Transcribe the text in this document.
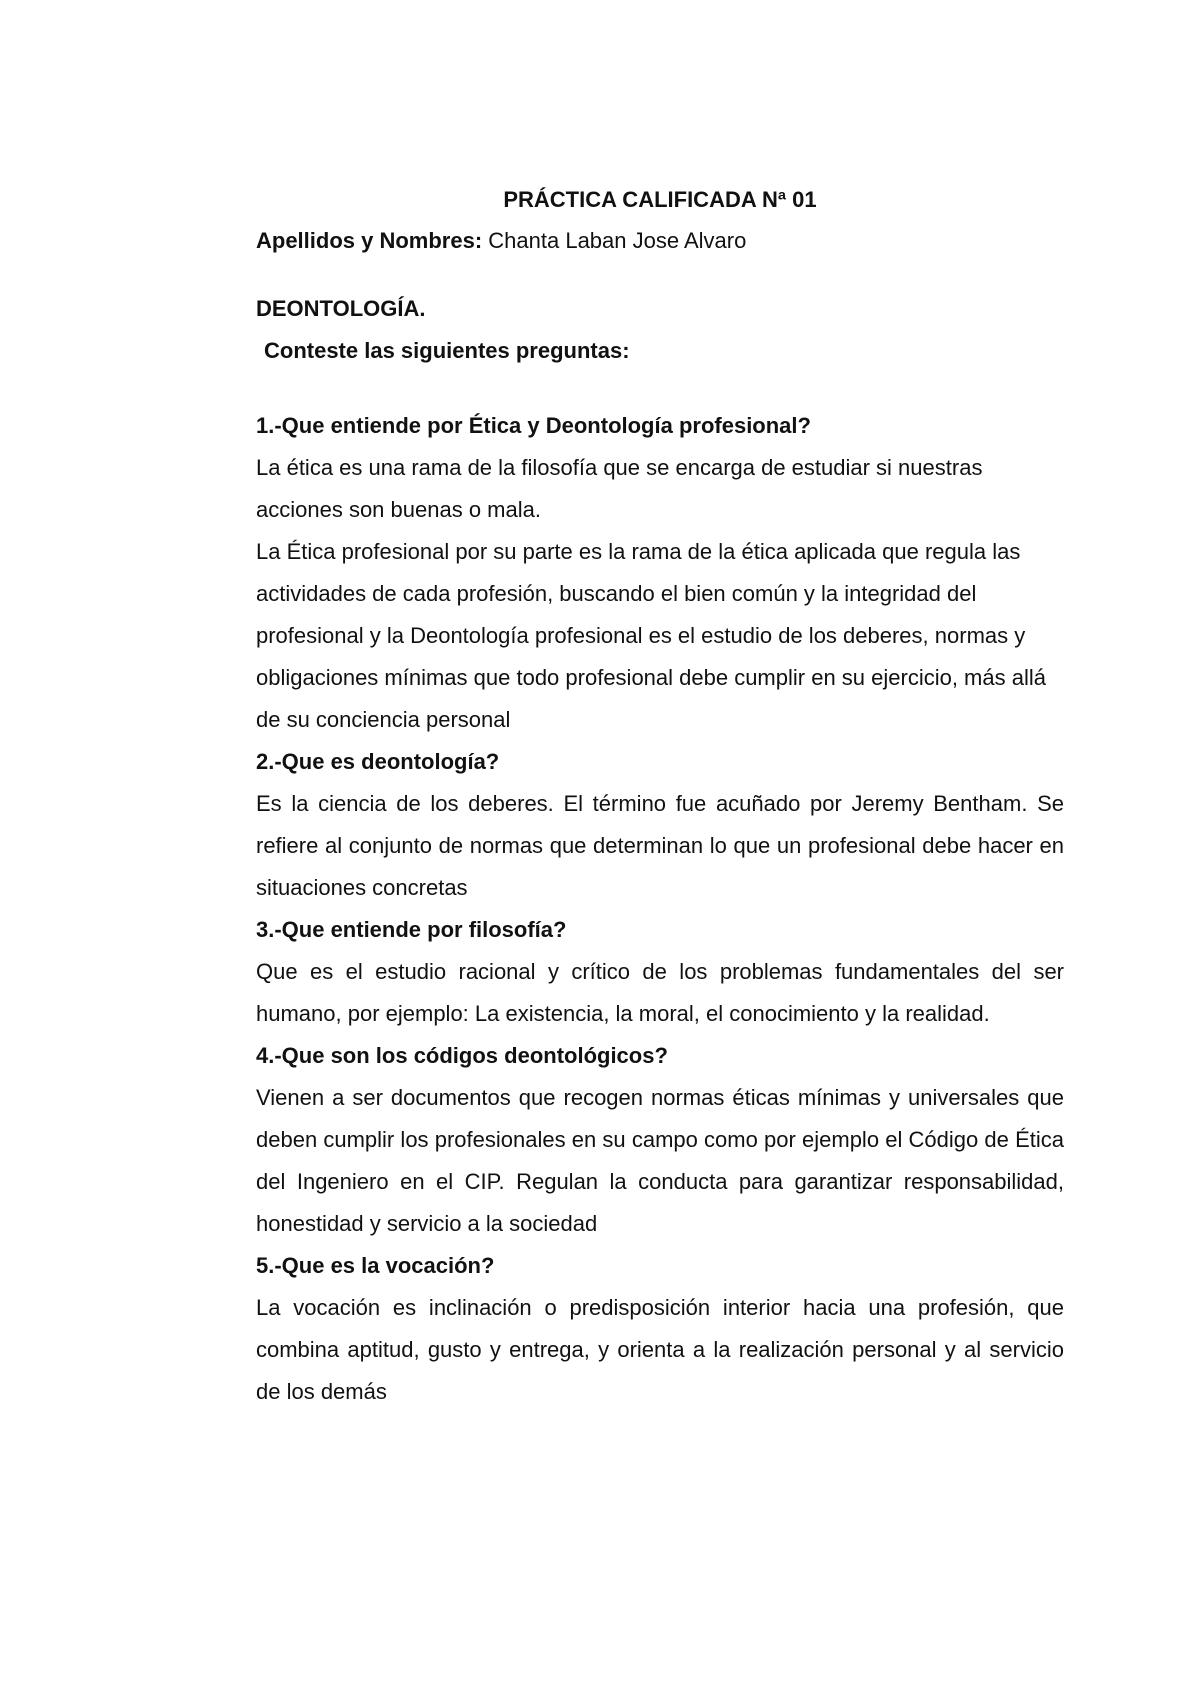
PRÁCTICA CALIFICADA Nª 01

Apellidos y Nombres: Chanta Laban Jose Alvaro

DEONTOLOGÍA.

Conteste las siguientes preguntas:

1.-Que entiende por Ética y Deontología profesional?

La ética es una rama de la filosofía que se encarga de estudiar si nuestras acciones son buenas o mala.

La Ética profesional por su parte es la rama de la ética aplicada que regula las actividades de cada profesión, buscando el bien común y la integridad del profesional y la Deontología profesional es el estudio de los deberes, normas y obligaciones mínimas que todo profesional debe cumplir en su ejercicio, más allá de su conciencia personal

2.-Que es deontología?

Es la ciencia de los deberes. El término fue acuñado por Jeremy Bentham. Se refiere al conjunto de normas que determinan lo que un profesional debe hacer en situaciones concretas

3.-Que entiende por filosofía?

Que es el estudio racional y crítico de los problemas fundamentales del ser humano, por ejemplo: La existencia, la moral, el conocimiento y la realidad.

4.-Que son los códigos deontológicos?

Vienen a ser documentos que recogen normas éticas mínimas y universales que deben cumplir los profesionales en su campo como por ejemplo el Código de Ética del Ingeniero en el CIP. Regulan la conducta para garantizar responsabilidad, honestidad y servicio a la sociedad

5.-Que es la vocación?

La vocación es inclinación o predisposición interior hacia una profesión, que combina aptitud, gusto y entrega, y orienta a la realización personal y al servicio de los demás
